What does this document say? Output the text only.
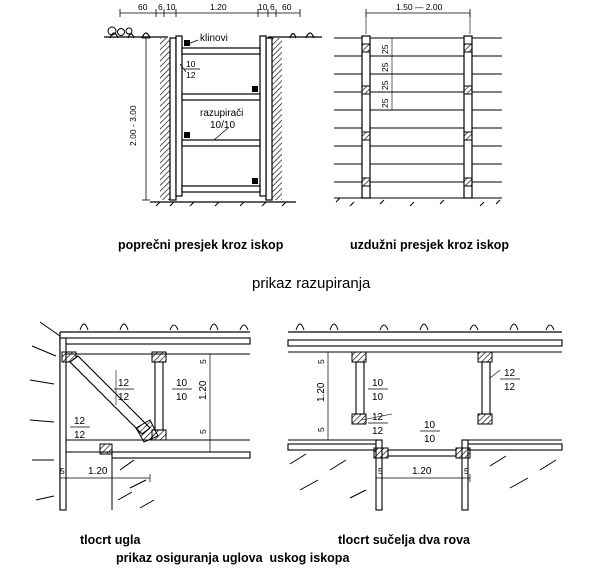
60 6 10	1.20	10 6 60
2.00 - 3.00
klinovi
10
12
razupirači
10/10
1.50 — 2.00
25
25
25
25
12
12
10
10 1.20
5
5
12
12
5 1.20
1.20
5
10
10
12
12
12
12
5	10
10
5	1.20	5
poprečni presjek kroz iskop	uzdužni presjek kroz iskop
prikaz razupiranja
tlocrt ugla	tlocrt sučelja dva rova
prikaz osiguranja uglova  uskog iskopa
